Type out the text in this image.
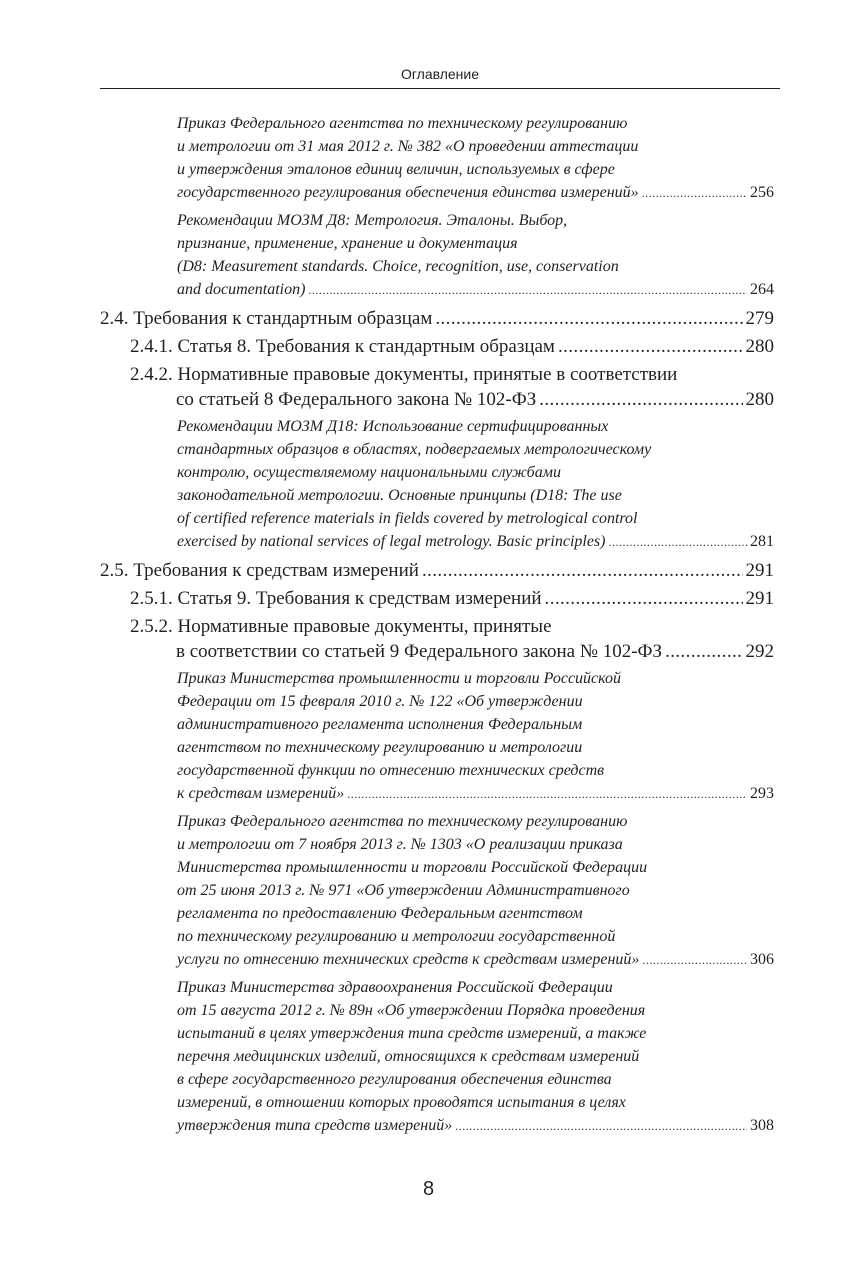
Оглавление
Приказ Федерального агентства по техническому регулированию
и метрологии от 31 мая 2012 г. № 382 «О проведении аттестации
и утверждения эталонов единиц величин, используемых в сфере
государственного регулирования обеспечения единства измерений» .....	256
Рекомендации МОЗМ Д8: Метрология. Эталоны. Выбор,
признание, применение, хранение и документация
(D8: Measurement standards. Choice, recognition, use, conservation
and documentation) .....	264
2.4. Требования к стандартным образцам .....	279
2.4.1. Статья 8. Требования к стандартным образцам .....	280
2.4.2. Нормативные правовые документы, принятые в соответствии
со статьей 8 Федерального закона № 102-ФЗ .....	280
Рекомендации МОЗМ Д18: Использование сертифицированных
стандартных образцов в областях, подвергаемых метрологическому
контролю, осуществляемому национальными службами
законодательной метрологии. Основные принципы (D18: The use
of certified reference materials in fields covered by metrological control
exercised by national services of legal metrology. Basic principles) .....	281
2.5. Требования к средствам измерений .....	291
2.5.1. Статья 9. Требования к средствам измерений .....	291
2.5.2. Нормативные правовые документы, принятые
в соответствии со статьей 9 Федерального закона № 102-ФЗ .....	292
Приказ Министерства промышленности и торговли Российской
Федерации от 15 февраля 2010 г. № 122 «Об утверждении
административного регламента исполнения Федеральным
агентством по техническому регулированию и метрологии
государственной функции по отнесению технических средств
к средствам измерений» .....	293
Приказ Федерального агентства по техническому регулированию
и метрологии от 7 ноября 2013 г. № 1303 «О реализации приказа
Министерства промышленности и торговли Российской Федерации
от 25 июня 2013 г. № 971 «Об утверждении Административного
регламента по предоставлению Федеральным агентством
по техническому регулированию и метрологии государственной
услуги по отнесению технических средств к средствам измерений» .....	306
Приказ Министерства здравоохранения Российской Федерации
от 15 августа 2012 г. № 89н «Об утверждении Порядка проведения
испытаний в целях утверждения типа средств измерений, а также
перечня медицинских изделий, относящихся к средствам измерений
в сфере государственного регулирования обеспечения единства
измерений, в отношении которых проводятся испытания в целях
утверждения типа средств измерений» .....	308
8
